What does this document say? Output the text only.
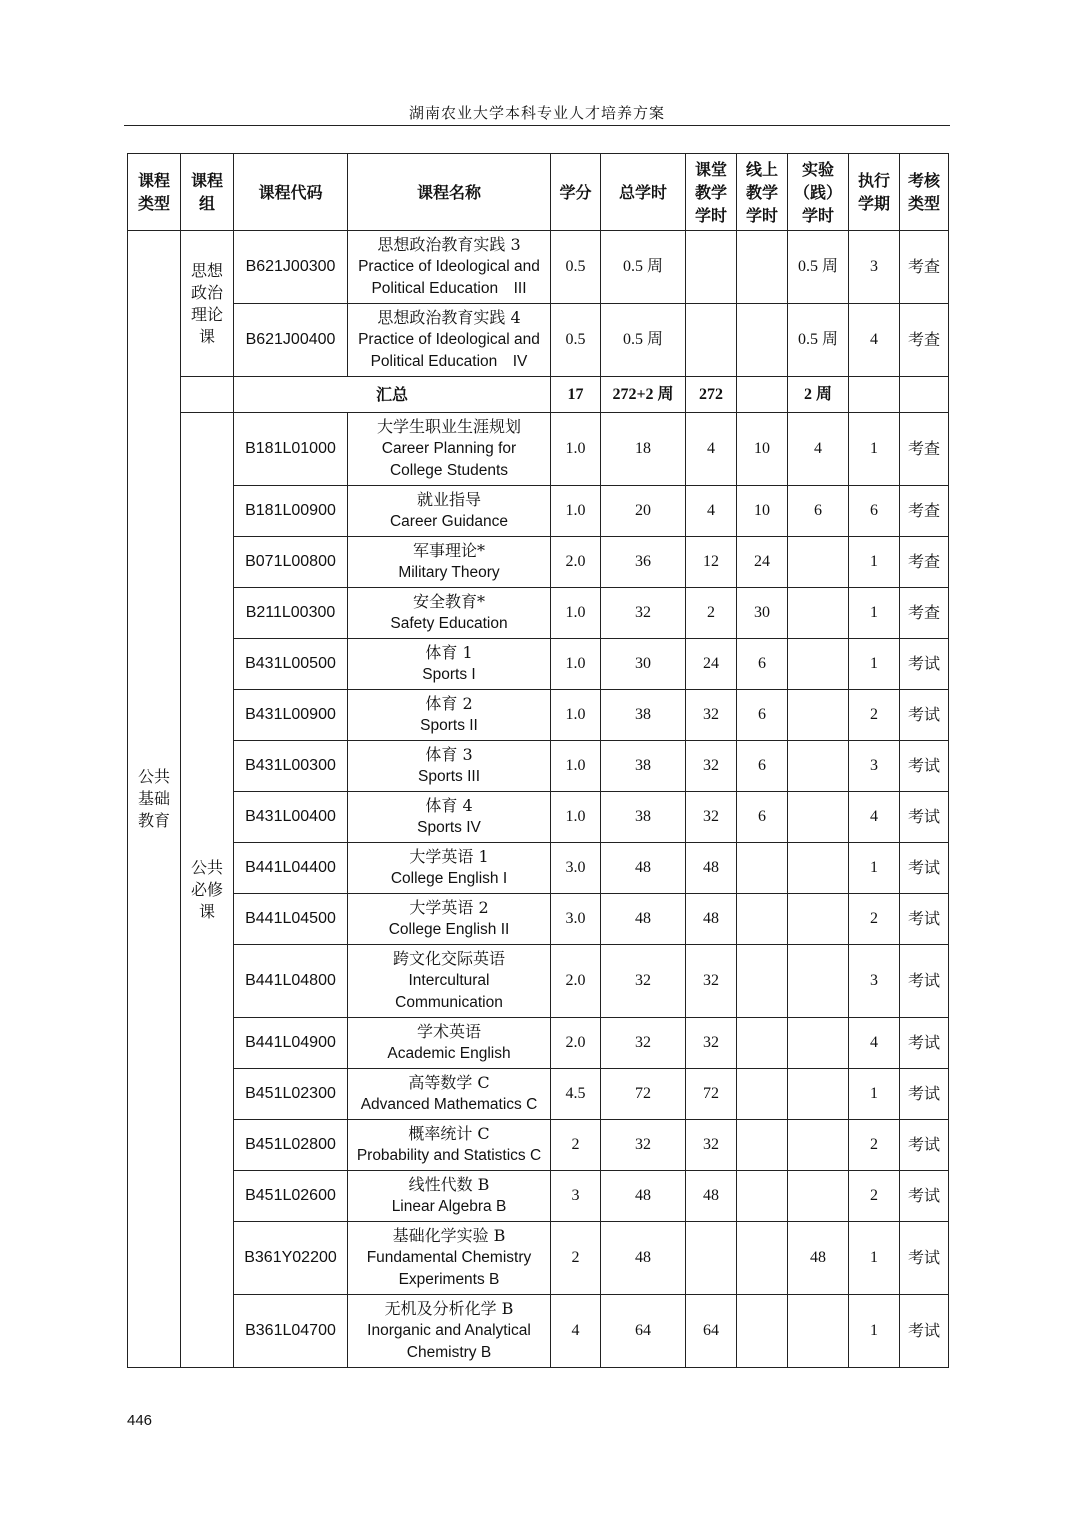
湖南农业大学本科专业人才培养方案
课程
类型	课程
组	课程代码	课程名称	学分	总学时	课堂
教学
学时	线上
教学
学时	实验
（践）
学时	执行
学期	考核
类型

公共
基础
教育	思想
政治
理论
课	B621J00300	思想政治教育实践 3
Practice of Ideological and
Political Education　III	0.5	0.5 周			0.5 周	3	考查
		B621J00400	思想政治教育实践 4
Practice of Ideological and
Political Education　IV	0.5	0.5 周			0.5 周	4	考查
		汇总		17	272+2 周	272		2 周		

	公共
必修
课	B181L01000	大学生职业生涯规划
Career Planning for
College Students	1.0	18	4	10	4	1	考查
		B181L00900	就业指导
Career Guidance	1.0	20	4	10	6	6	考查
		B071L00800	军事理论*
Military Theory	2.0	36	12	24		1	考查
		B211L00300	安全教育*
Safety Education	1.0	32	2	30		1	考查
		B431L00500	体育 1
Sports I	1.0	30	24	6		1	考试
		B431L00900	体育 2
Sports II	1.0	38	32	6		2	考试
		B431L00300	体育 3
Sports III	1.0	38	32	6		3	考试
		B431L00400	体育 4
Sports IV	1.0	38	32	6		4	考试
		B441L04400	大学英语 1
College English I	3.0	48	48			1	考试
		B441L04500	大学英语 2
College English II	3.0	48	48			2	考试
		B441L04800	跨文化交际英语
Intercultural
Communication	2.0	32	32			3	考试
		B441L04900	学术英语
Academic English	2.0	32	32			4	考试
		B451L02300	高等数学 C
Advanced Mathematics C	4.5	72	72			1	考试
		B451L02800	概率统计 C
Probability and Statistics C	2	32	32			2	考试
		B451L02600	线性代数 B
Linear Algebra B	3	48	48			2	考试
		B361Y02200	基础化学实验 B
Fundamental Chemistry
Experiments B	2	48			48	1	考试
		B361L04700	无机及分析化学 B
Inorganic and Analytical
Chemistry B	4	64	64			1	考试
446
